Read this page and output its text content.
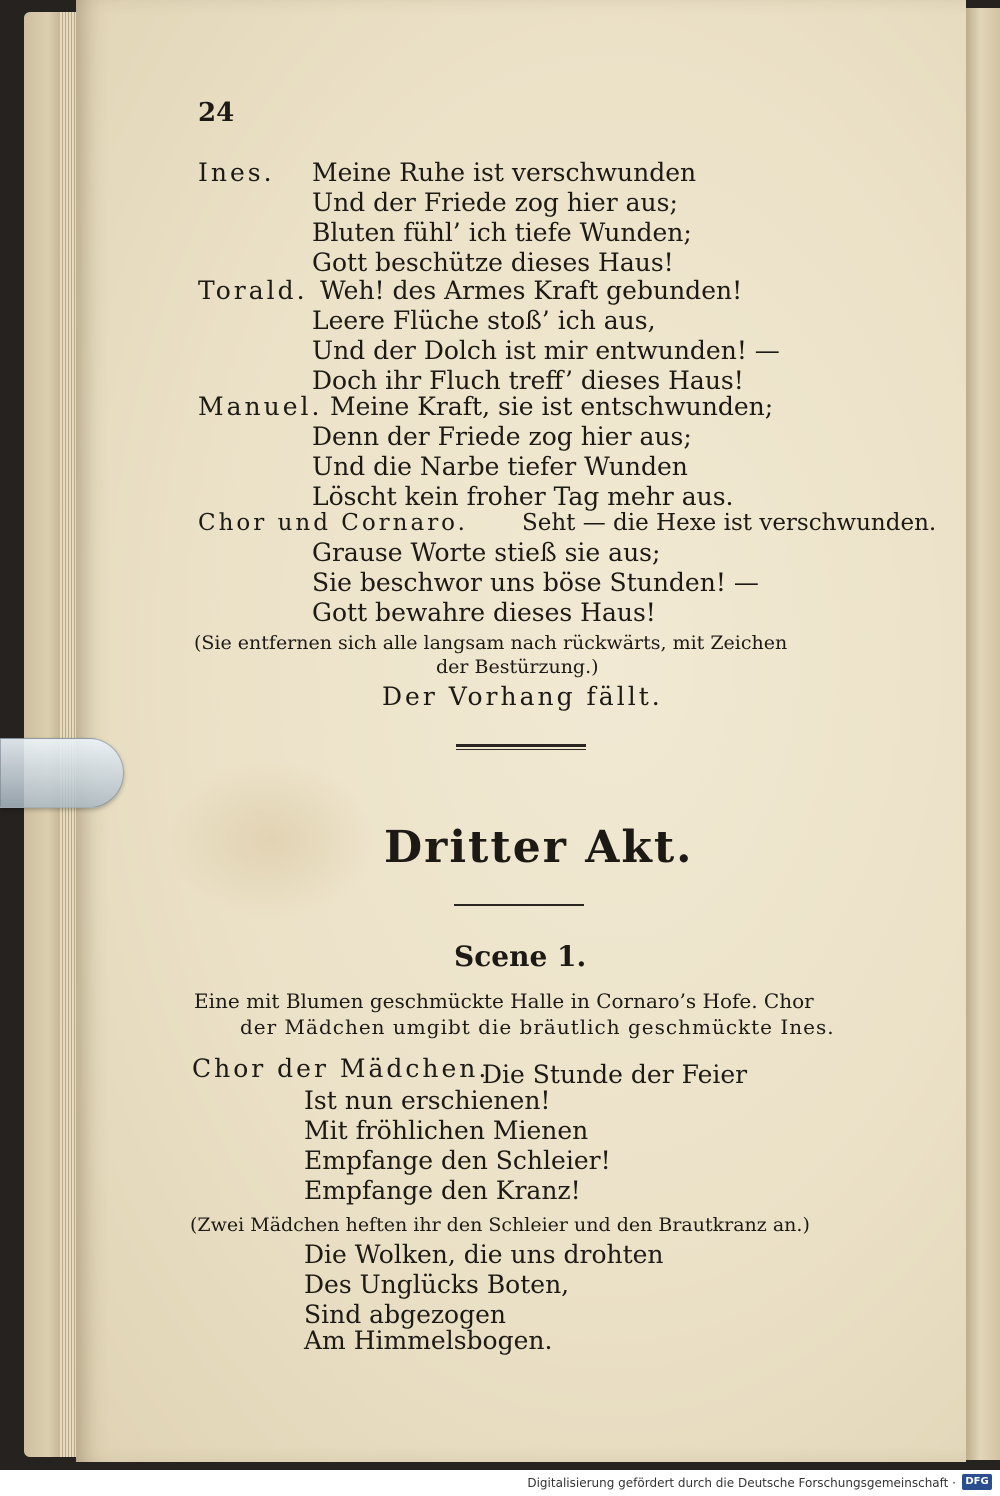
24
Ines. Meine Ruhe ist verschwunden
Und der Friede zog hier aus;
Bluten fühl’ ich tiefe Wunden;
Gott beschütze dieses Haus!
Torald. Weh! des Armes Kraft gebunden!
Leere Flüche stoß’ ich aus,
Und der Dolch ist mir entwunden! —
Doch ihr Fluch treff’ dieses Haus!
Manuel. Meine Kraft, sie ist entschwunden;
Denn der Friede zog hier aus;
Und die Narbe tiefer Wunden
Löscht kein froher Tag mehr aus.
Chor und Cornaro. Seht — die Hexe ist verschwunden.
Grause Worte stieß sie aus;
Sie beschwor uns böse Stunden! —
Gott bewahre dieses Haus!
(Sie entfernen sich alle langsam nach rückwärts, mit Zeichen
der Bestürzung.)
Der Vorhang fällt.
Dritter Akt.
Scene 1.
Eine mit Blumen geschmückte Halle in Cornaro’s Hofe. Chor
der Mädchen umgibt die bräutlich geschmückte Ines.
Chor der Mädchen.
Die Stunde der Feier
Ist nun erschienen!
Mit fröhlichen Mienen
Empfange den Schleier!
Empfange den Kranz!
(Zwei Mädchen heften ihr den Schleier und den Brautkranz an.)
Die Wolken, die uns drohten
Des Unglücks Boten,
Sind abgezogen
Am Himmelsbogen.
Digitalisierung gefördert durch die Deutsche Forschungsgemeinschaft · DFG
